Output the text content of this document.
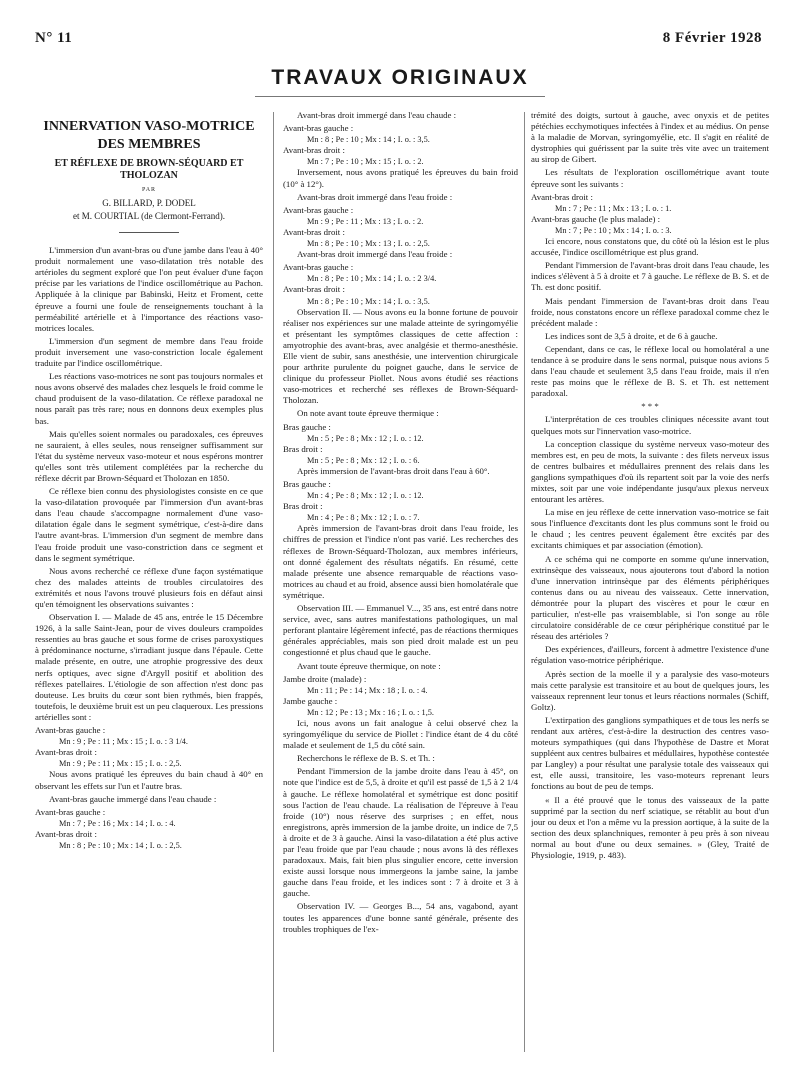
N° 11	8 Février 1928
TRAVAUX ORIGINAUX
INNERVATION VASO-MOTRICE DES MEMBRES
ET RÉFLEXE DE BROWN-SÉQUARD ET THOLOZAN
PAR
G. BILLARD, P. DODEL
et M. COURTIAL (de Clermont-Ferrand).

L'immersion d'un avant-bras ou d'une jambe dans l'eau à 40° produit normalement une vaso-dilatation très notable des artérioles du segment exploré que l'on peut évaluer d'une façon précise par les variations de l'indice oscillométrique au Pachon. Appliquée à la clinique par Babinski, Heitz et Froment, cette épreuve a fourni une foule de renseignements touchant à la perméabilité artérielle et à l'importance des réactions vaso-motrices locales.

L'immersion d'un segment de membre dans l'eau froide produit inversement une vaso-constriction locale également traduite par l'indice oscillométrique.

Les réactions vaso-motrices ne sont pas toujours normales et nous avons observé des malades chez lesquels le froid comme le chaud produisent de la vaso-dilatation. Ce réflexe paradoxal ne nous paraît pas très rare; nous en donnons deux exemples plus bas.

Mais qu'elles soient normales ou paradoxales, ces épreuves ne sauraient, à elles seules, nous renseigner suffisamment sur l'état du système nerveux vaso-moteur et nous espérons montrer qu'elles sont très utilement complétées par la recherche du réflexe décrit par Brown-Séquard et Tholozan en 1850.

Ce réflexe bien connu des physiologistes consiste en ce que la vaso-dilatation provoquée par l'immersion d'un avant-bras dans l'eau chaude s'accompagne normalement d'une vaso-dilatation égale dans le segment symétrique, c'est-à-dire dans l'autre avant-bras. L'immersion d'un segment de membre dans l'eau froide produit une vaso-constriction dans ce segment et dans le segment symétrique.

Nous avons recherché ce réflexe d'une façon systématique chez des malades atteints de troubles circulatoires des extrémités et nous l'avons trouvé plusieurs fois en défaut ainsi qu'en témoignent les observations suivantes :

Observation I. — Malade de 45 ans, entrée le 15 Décembre 1926, à la salle Saint-Jean, pour de vives douleurs crampoïdes ressenties au bras gauche et sous forme de crises paroxystiques à prédominance nocturne, s'irradiant jusque dans l'épaule. Cette malade présente, en outre, une atrophie progressive des deux nerfs optiques, avec signe d'Argyll positif et abolition des réflexes patellaires. L'étiologie de son affection n'est donc pas douteuse. Les bruits du cœur sont bien rythmés, bien frappés, toutefois, le deuxième bruit est un peu claqueroux. Les pressions artérielles sont :

Avant-bras gauche :

Mn : 9 ; Pe : 11 ; Mx : 15 ; I. o. : 3 1/4.

Avant-bras droit :

Mn : 9 ; Pe : 11 ; Mx : 15 ; I. o. : 2,5.

Nous avons pratiqué les épreuves du bain chaud à 40° en observant les effets sur l'un et l'autre bras.

Avant-bras gauche immergé dans l'eau chaude :

Avant-bras gauche :

Mn : 7 ; Pe : 16 ; Mx : 14 ; I. o. : 4.

Avant-bras droit :

Mn : 8 ; Pe : 10 ; Mx : 14 ; I. o. : 2,5.

Avant-bras droit immergé dans l'eau chaude :

Avant-bras gauche :

Mn : 8 ; Pe : 10 ; Mx : 14 ; I. o. : 3,5.

Avant-bras droit :

Mn : 7 ; Pe : 10 ; Mx : 15 ; I. o. : 2.

Inversement, nous avons pratiqué les épreuves du bain froid (10° à 12°).

Avant-bras droit immergé dans l'eau froide :

Avant-bras gauche :

Mn : 9 ; Pe : 11 ; Mx : 13 ; I. o. : 2.

Avant-bras droit :

Mn : 8 ; Pe : 10 ; Mx : 13 ; I. o. : 2,5.

Avant-bras droit immergé dans l'eau froide :

Avant-bras gauche :

Mn : 8 ; Pe : 10 ; Mx : 14 ; I. o. : 2 3/4.

Avant-bras droit :

Mn : 8 ; Pe : 10 ; Mx : 14 ; I. o. : 3,5.

Observation II. — Nous avons eu la bonne fortune de pouvoir réaliser nos expériences sur une malade atteinte de syringomyélie et présentant les symptômes classiques de cette affection : amyotrophie des avant-bras, avec analgésie et thermo-anesthésie. Elle vient de subir, sans anesthésie, une intervention chirurgicale pour arthrite purulente du poignet gauche, dans le service de clinique du professeur Piollet. Nous avons étudié ses réactions vaso-motrices et recherché ses réflexes de Brown-Séquard-Tholozan.

On note avant toute épreuve thermique :

Bras gauche :

Mn : 5 ; Pe : 8 ; Mx : 12 ; I. o. : 12.

Bras droit :

Mn : 5 ; Pe : 8 ; Mx : 12 ; I. o. : 6.

Après immersion de l'avant-bras droit dans l'eau à 60°.

Bras gauche :

Mn : 4 ; Pe : 8 ; Mx : 12 ; I. o. : 12.

Bras droit :

Mn : 4 ; Pe : 8 ; Mx : 12 ; I. o. : 7.

Après immersion de l'avant-bras droit dans l'eau froide, les chiffres de pression et l'indice n'ont pas varié. Les recherches des réflexes de Brown-Séquard-Tholozan, aux membres inférieurs, ont donné également des résultats négatifs. En résumé, cette malade présente une absence remarquable de réactions vaso-motrices au chaud et au froid, absence aussi bien homolatérale que symétrique.

Observation III. — Emmanuel V..., 35 ans, est entré dans notre service, avec, sans autres manifestations pathologiques, un mal perforant plantaire légèrement infecté, pas de réactions thermiques générales appréciables, mais son pied droit malade est un peu congestionné et plus chaud que le gauche.

Avant toute épreuve thermique, on note :

Jambe droite (malade) :

Mn : 11 ; Pe : 14 ; Mx : 18 ; I. o. : 4.

Jambe gauche :

Mn : 12 ; Pe : 13 ; Mx : 16 ; I. o. : 1,5.

Ici, nous avons un fait analogue à celui observé chez la syringomyélique du service de Piollet : l'indice étant de 4 du côté malade et seulement de 1,5 du côté sain.

Recherchons le réflexe de B. S. et Th. :

Pendant l'immersion de la jambe droite dans l'eau à 45°, on note que l'indice est de 5,5, à droite et qu'il est passé de 1,5 à 2 1/4 à gauche. Le réflexe homolatéral et symétrique est donc positif sous l'action de l'eau chaude. La réalisation de l'épreuve à l'eau froide (10°) nous réserve des surprises ; en effet, nous enregistrons, après immersion de la jambe droite, un indice de 7,5 à droite et de 3 à gauche. Ainsi la vaso-dilatation a été plus active par l'eau froide que par l'eau chaude ; nous avons là des réflexes paradoxaux. Mais, fait bien plus singulier encore, cette inversion existe aussi lorsque nous immergeons la jambe saine, la jambe gauche dans l'eau froide, et les indices sont : 7 à droite et 3 à gauche.

Observation IV. — Georges B..., 54 ans, vagabond, ayant toutes les apparences d'une bonne santé générale, présente des troubles trophiques de l'ex-

trémité des doigts, surtout à gauche, avec onyxis et de petites pétéchies ecchymotiques infectées à l'index et au médius. On pense à la maladie de Morvan, syringomyélie, etc. Il s'agit en réalité de dystrophies qui guérissent par la suite très vite avec un traitement au sirop de Gibert.

Les résultats de l'exploration oscillométrique avant toute épreuve sont les suivants :

Avant-bras droit :

Mn : 7 ; Pe : 11 ; Mx : 13 ; I. o. : 1.

Avant-bras gauche (le plus malade) :

Mn : 7 ; Pe : 10 ; Mx : 14 ; I. o. : 3.

Ici encore, nous constatons que, du côté où la lésion est le plus accusée, l'indice oscillométrique est plus grand.

Pendant l'immersion de l'avant-bras droit dans l'eau chaude, les indices s'élèvent à 5 à droite et 7 à gauche. Le réflexe de B. S. et de Th. est donc positif.

Mais pendant l'immersion de l'avant-bras droit dans l'eau froide, nous constatons encore un réflexe paradoxal comme chez le précédent malade :

Les indices sont de 3,5 à droite, et de 6 à gauche.

Cependant, dans ce cas, le réflexe local ou homolatéral a une tendance à se produire dans le sens normal, puisque nous avions 5 dans l'eau chaude et seulement 3,5 dans l'eau froide, mais il n'en reste pas moins que le réflexe de B. S. et Th. est nettement paradoxal.

* * *

L'interprétation de ces troubles cliniques nécessite avant tout quelques mots sur l'innervation vaso-motrice.

La conception classique du système nerveux vaso-moteur des membres est, en peu de mots, la suivante : des filets nerveux issus de centres bulbaires et médullaires prennent des relais dans les ganglions sympathiques d'où ils repartent soit par la voie des nerfs mixtes, soit par une voie indépendante jusqu'aux plexus nerveux entourant les artères.

La mise en jeu réflexe de cette innervation vaso-motrice se fait sous l'influence d'excitants dont les plus communs sont le froid ou le chaud ; les centres peuvent également être excités par des excitants chimiques et par association (émotion).

A ce schéma qui ne comporte en somme qu'une innervation, extrinsèque des vaisseaux, nous ajouterons tout d'abord la notion d'une innervation intrinsèque par des éléments périphériques contenus dans ou au niveau des vaisseaux. Cette innervation, démontrée pour la plupart des viscères et pour le cœur en particulier, n'est-elle pas vraisemblable, si l'on songe au rôle circulatoire considérable de ce cœur périphérique constitué par le réseau des artérioles ?

Des expériences, d'ailleurs, forcent à admettre l'existence d'une régulation vaso-motrice périphérique.

Après section de la moelle il y a paralysie des vaso-moteurs mais cette paralysie est transitoire et au bout de quelques jours, les vaisseaux reprennent leur tonus et leurs réactions normales (Schiff, Goltz).

L'extirpation des ganglions sympathiques et de tous les nerfs se rendant aux artères, c'est-à-dire la destruction des centres vaso-moteurs sympathiques (qui dans l'hypothèse de Dastre et Morat suppléent aux centres bulbaires et médullaires, hypothèse contestée par Langley) a pour résultat une paralysie totale des vaisseaux qui est, elle aussi, transitoire, les vaso-moteurs reprenant leurs fonctions au bout de peu de temps.

« Il a été prouvé que le tonus des vaisseaux de la patte supprimé par la section du nerf sciatique, se rétablit au bout d'un jour ou deux et l'on a même vu la pression aortique, à la suite de la section des deux splanchniques, remonter à peu près à son niveau normal au bout d'une ou deux semaines. » (Gley, Traité de Physiologie, 1919, p. 483).
